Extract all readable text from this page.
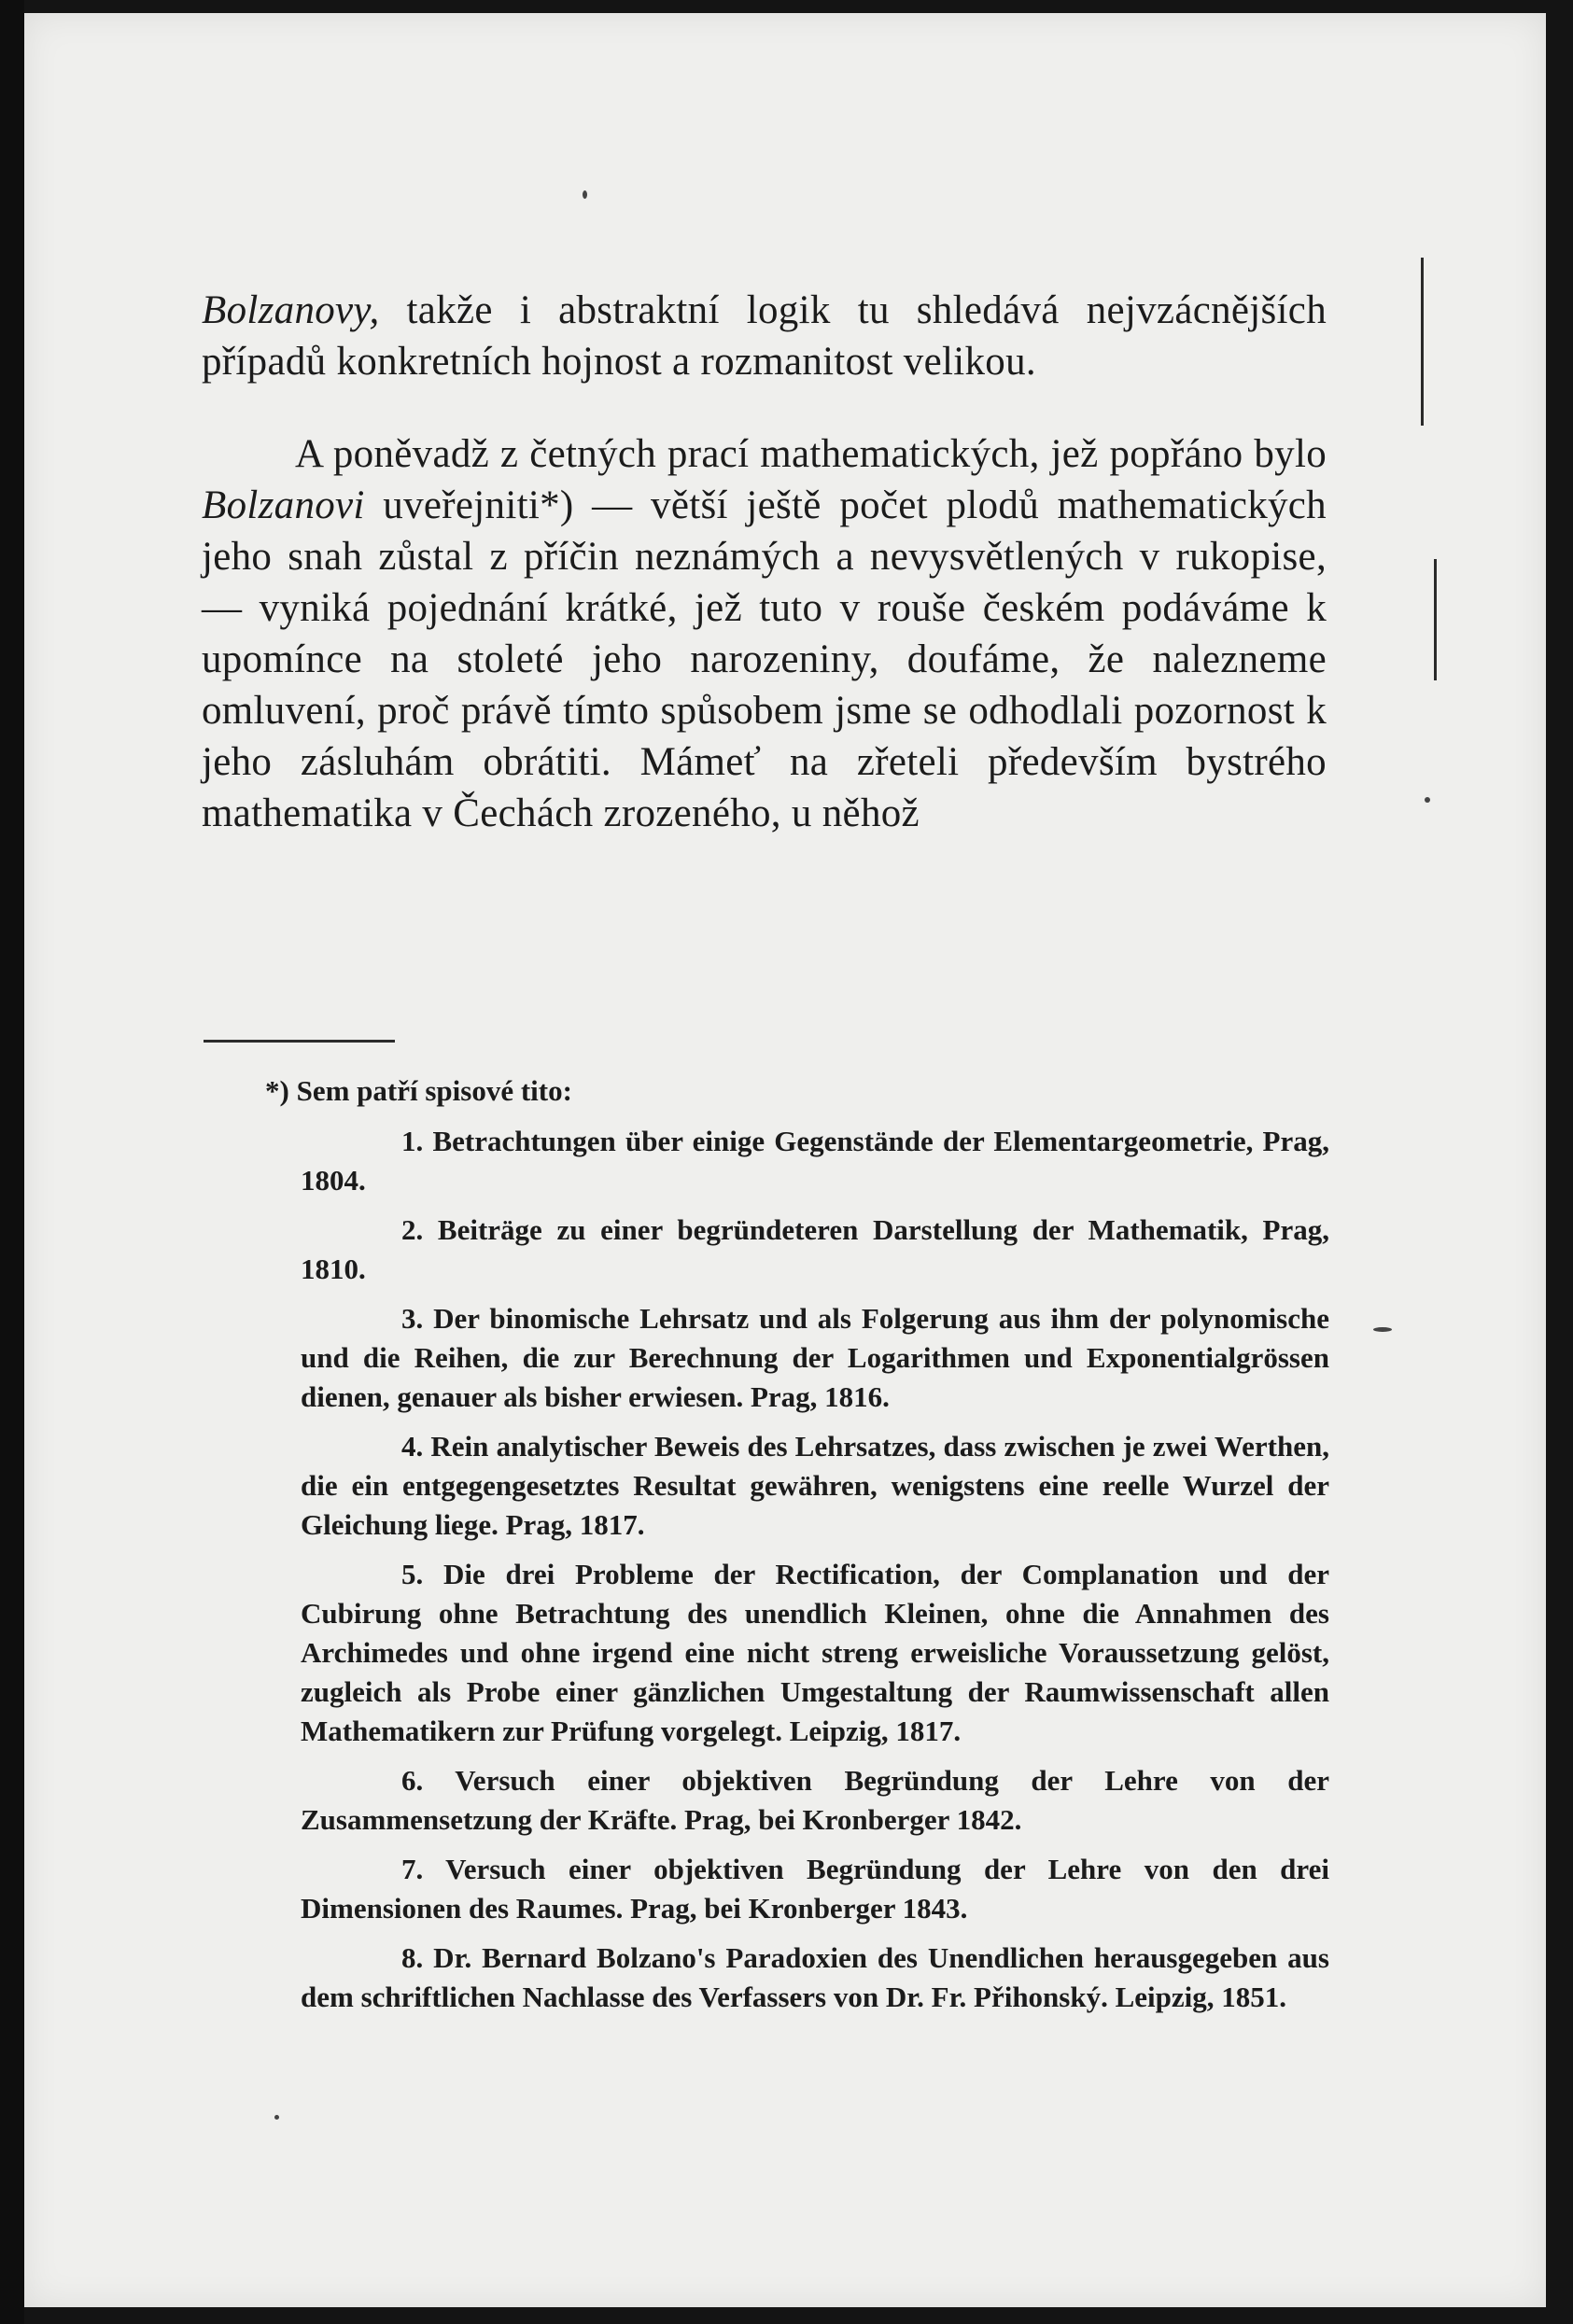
Bolzanovy, takže i abstraktní logik tu shledává nejvzácnějších případů konkretních hojnost a rozmanitost velikou.

A poněvadž z četných prací mathematických, jež popřáno bylo Bolzanovi uveřejniti*) — větší ještě počet plodů mathematických jeho snah zůstal z příčin neznámých a nevysvětlených v rukopise, — vyniká pojednání krátké, jež tuto v rouše českém podáváme k upomínce na stoleté jeho narozeniny, doufáme, že nalezneme omluvení, proč právě tímto spůsobem jsme se odhodlali pozornost k jeho zásluhám obrátiti. Mámeť na zřeteli především bystrého mathematika v Čechách zrozeného, u něhož

*) Sem patří spisové tito:

1. Betrachtungen über einige Gegenstände der Elementargeometrie, Prag, 1804.

2. Beiträge zu einer begründeteren Darstellung der Mathematik, Prag, 1810.

3. Der binomische Lehrsatz und als Folgerung aus ihm der polynomische und die Reihen, die zur Berechnung der Logarithmen und Exponentialgrössen dienen, genauer als bisher erwiesen. Prag, 1816.

4. Rein analytischer Beweis des Lehrsatzes, dass zwischen je zwei Werthen, die ein entgegengesetztes Resultat gewähren, wenigstens eine reelle Wurzel der Gleichung liege. Prag, 1817.

5. Die drei Probleme der Rectification, der Complanation und der Cubirung ohne Betrachtung des unendlich Kleinen, ohne die Annahmen des Archimedes und ohne irgend eine nicht streng erweisliche Voraussetzung gelöst, zugleich als Probe einer gänzlichen Umgestaltung der Raumwissenschaft allen Mathematikern zur Prüfung vorgelegt. Leipzig, 1817.

6. Versuch einer objektiven Begründung der Lehre von der Zusammensetzung der Kräfte. Prag, bei Kronberger 1842.

7. Versuch einer objektiven Begründung der Lehre von den drei Dimensionen des Raumes. Prag, bei Kronberger 1843.

8. Dr. Bernard Bolzano's Paradoxien des Unendlichen herausgegeben aus dem schriftlichen Nachlasse des Verfassers von Dr. Fr. Přihonský. Leipzig, 1851.
